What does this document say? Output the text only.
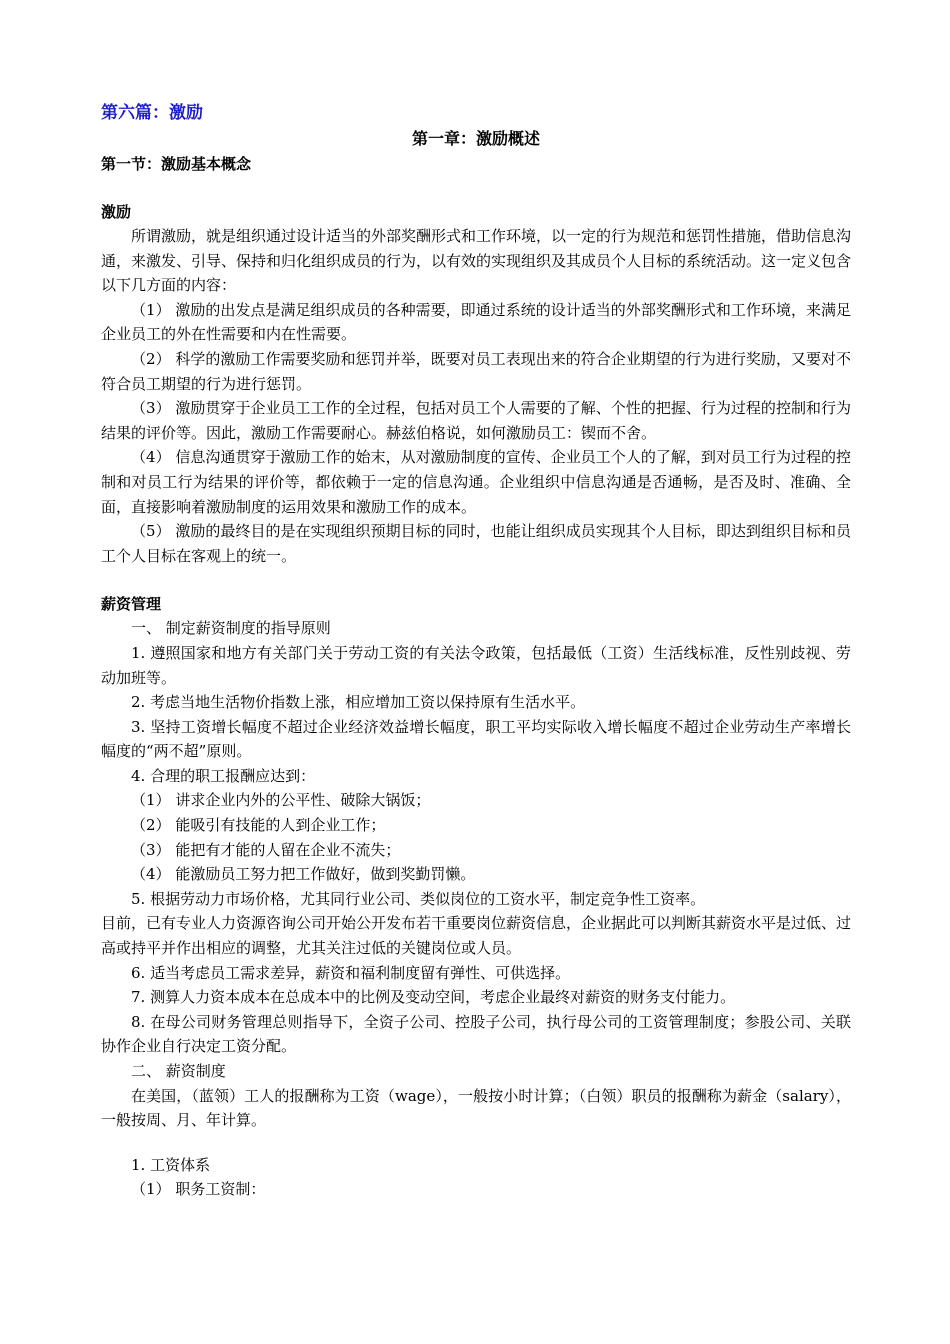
第六篇：激励
第一章：激励概述
第一节：激励基本概念
激励

所谓激励，就是组织通过设计适当的外部奖酬形式和工作环境，以一定的行为规范和惩罚性措施，借助信息沟通，来激发、引导、保持和归化组织成员的行为，以有效的实现组织及其成员个人目标的系统活动。这一定义包含以下几方面的内容：

（1） 激励的出发点是满足组织成员的各种需要，即通过系统的设计适当的外部奖酬形式和工作环境，来满足企业员工的外在性需要和内在性需要。

（2） 科学的激励工作需要奖励和惩罚并举，既要对员工表现出来的符合企业期望的行为进行奖励，又要对不符合员工期望的行为进行惩罚。

（3） 激励贯穿于企业员工工作的全过程，包括对员工个人需要的了解、个性的把握、行为过程的控制和行为结果的评价等。因此，激励工作需要耐心。赫兹伯格说，如何激励员工：锲而不舍。

（4） 信息沟通贯穿于激励工作的始末，从对激励制度的宣传、企业员工个人的了解，到对员工行为过程的控制和对员工行为结果的评价等，都依赖于一定的信息沟通。企业组织中信息沟通是否通畅，是否及时、准确、全面，直接影响着激励制度的运用效果和激励工作的成本。

（5） 激励的最终目的是在实现组织预期目标的同时，也能让组织成员实现其个人目标，即达到组织目标和员工个人目标在客观上的统一。

薪资管理

一、 制定薪资制度的指导原则

1. 遵照国家和地方有关部门关于劳动工资的有关法令政策，包括最低（工资）生活线标准，反性别歧视、劳动加班等。

2. 考虑当地生活物价指数上涨，相应增加工资以保持原有生活水平。

3. 坚持工资增长幅度不超过企业经济效益增长幅度，职工平均实际收入增长幅度不超过企业劳动生产率增长幅度的“两不超”原则。

4. 合理的职工报酬应达到：

（1） 讲求企业内外的公平性、破除大锅饭；

（2） 能吸引有技能的人到企业工作；

（3） 能把有才能的人留在企业不流失；

（4） 能激励员工努力把工作做好，做到奖勤罚懒。

5. 根据劳动力市场价格，尤其同行业公司、类似岗位的工资水平，制定竞争性工资率。

目前，已有专业人力资源咨询公司开始公开发布若干重要岗位薪资信息，企业据此可以判断其薪资水平是过低、过高或持平并作出相应的调整，尤其关注过低的关键岗位或人员。

6. 适当考虑员工需求差异，薪资和福利制度留有弹性、可供选择。

7. 测算人力资本成本在总成本中的比例及变动空间，考虑企业最终对薪资的财务支付能力。

8. 在母公司财务管理总则指导下，全资子公司、控股子公司，执行母公司的工资管理制度；参股公司、关联协作企业自行决定工资分配。

二、 薪资制度

在美国，（蓝领）工人的报酬称为工资（wage），一般按小时计算；（白领）职员的报酬称为薪金（salary），一般按周、月、年计算。

1. 工资体系

（1） 职务工资制：
